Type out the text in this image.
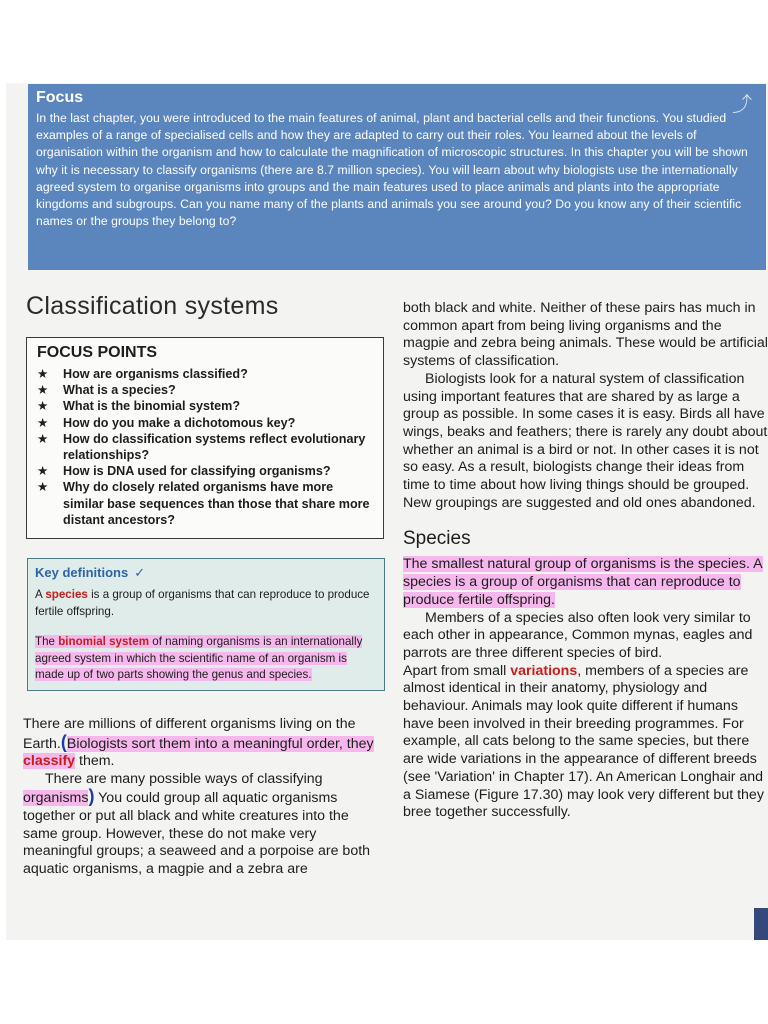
Focus
In the last chapter, you were introduced to the main features of animal, plant and bacterial cells and their functions. You studied examples of a range of specialised cells and how they are adapted to carry out their roles. You learned about the levels of organisation within the organism and how to calculate the magnification of microscopic structures. In this chapter you will be shown why it is necessary to classify organisms (there are 8.7 million species). You will learn about why biologists use the internationally agreed system to organise organisms into groups and the main features used to place animals and plants into the appropriate kingdoms and subgroups. Can you name many of the plants and animals you see around you? Do you know any of their scientific names or the groups they belong to?
⤴
Classification systems
FOCUS POINTS
★	How are organisms classified?
★	What is a species?
★	What is the binomial system?
★	How do you make a dichotomous key?
★	How do classification systems reflect evolutionary relationships?
★	How is DNA used for classifying organisms?
★	Why do closely related organisms have more similar base sequences than those that share more distant ancestors?
Key definitions ✓
A species is a group of organisms that can reproduce to produce fertile offspring.
The binomial system of naming organisms is an internationally agreed system in which the scientific name of an organism is made up of two parts showing the genus and species.

There are millions of different organisms living on the Earth.(Biologists sort them into a meaningful order, they classify them.

There are many possible ways of classifying organisms) You could group all aquatic organisms together or put all black and white creatures into the same group. However, these do not make very meaningful groups; a seaweed and a porpoise are both aquatic organisms, a magpie and a zebra are

both black and white. Neither of these pairs has much in common apart from being living organisms and the magpie and zebra being animals. These would be artificial systems of classification.

Biologists look for a natural system of classification using important features that are shared by as large a group as possible. In some cases it is easy. Birds all have wings, beaks and feathers; there is rarely any doubt about whether an animal is a bird or not. In other cases it is not so easy. As a result, biologists change their ideas from time to time about how living things should be grouped. New groupings are suggested and old ones abandoned.

Species

The smallest natural group of organisms is the species. A species is a group of organisms that can reproduce to produce fertile offspring.

Members of a species also often look very similar to each other in appearance, Common mynas, eagles and parrots are three different species of bird.

Apart from small variations, members of a species are almost identical in their anatomy, physiology and behaviour. Animals may look quite different if humans have been involved in their breeding programmes. For example, all cats belong to the same species, but there are wide variations in the appearance of different breeds (see 'Variation' in Chapter 17). An American Longhair and a Siamese (Figure 17.30) may look very different but they bree together successfully.
